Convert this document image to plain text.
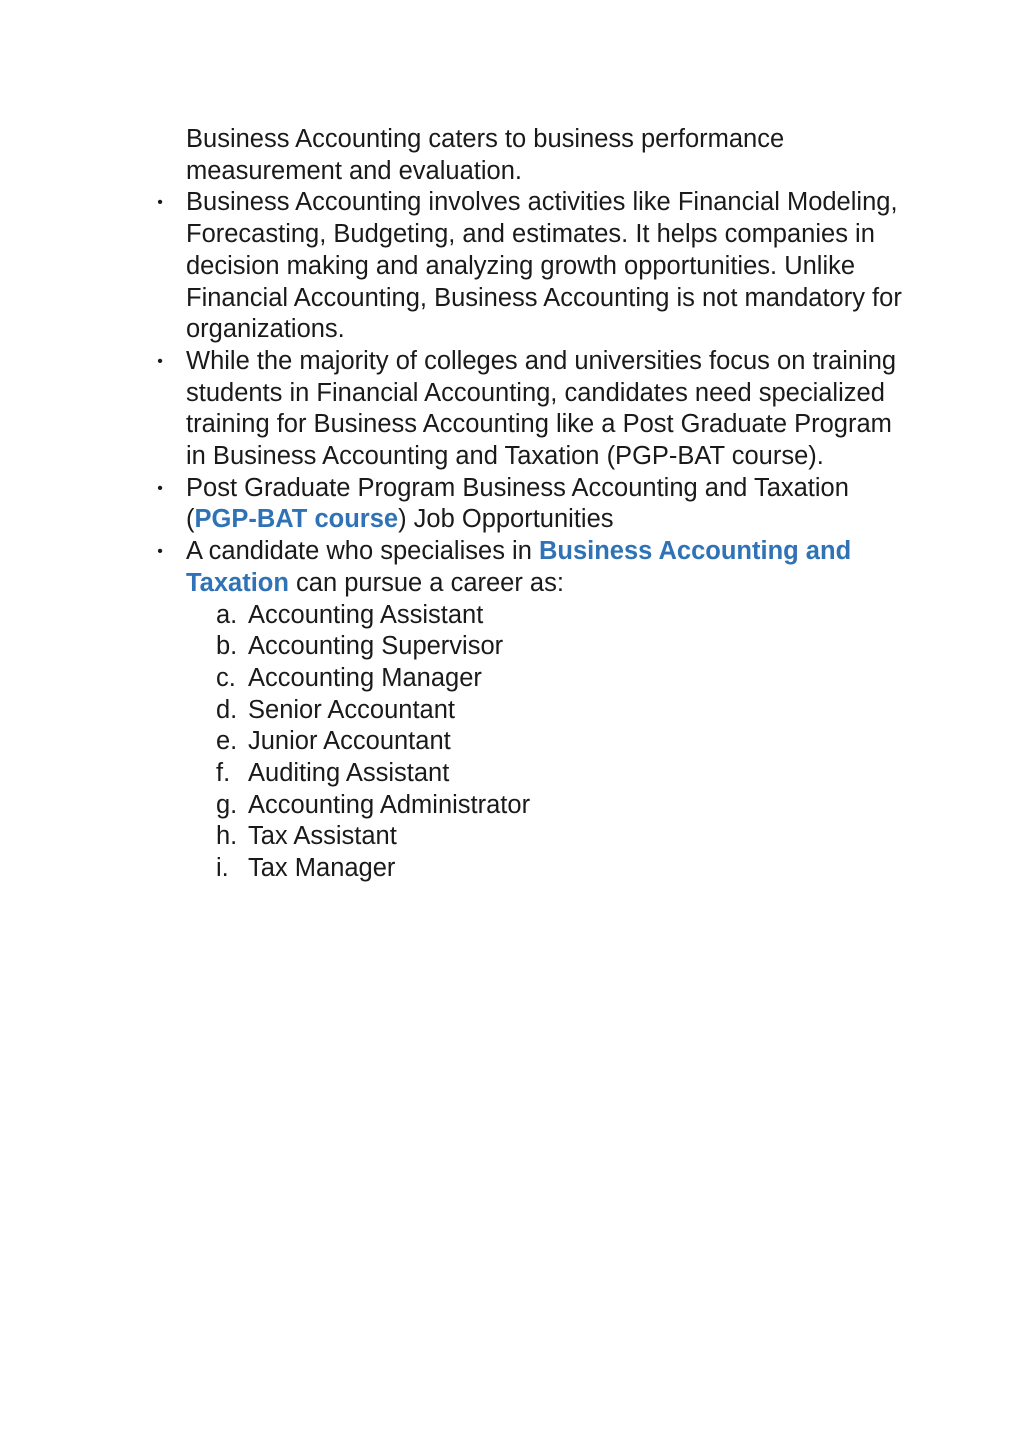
Business Accounting caters to business performance measurement and evaluation.

• Business Accounting involves activities like Financial Modeling, Forecasting, Budgeting, and estimates. It helps companies in decision making and analyzing growth opportunities. Unlike Financial Accounting, Business Accounting is not mandatory for organizations.
• While the majority of colleges and universities focus on training students in Financial Accounting, candidates need specialized training for Business Accounting like a Post Graduate Program in Business Accounting and Taxation (PGP-BAT course).
• Post Graduate Program Business Accounting and Taxation (PGP-BAT course) Job Opportunities
• A candidate who specialises in Business Accounting and Taxation can pursue a career as:
a. Accounting Assistant
b. Accounting Supervisor
c. Accounting Manager
d. Senior Accountant
e. Junior Accountant
f. Auditing Assistant
g. Accounting Administrator
h. Tax Assistant
i. Tax Manager
